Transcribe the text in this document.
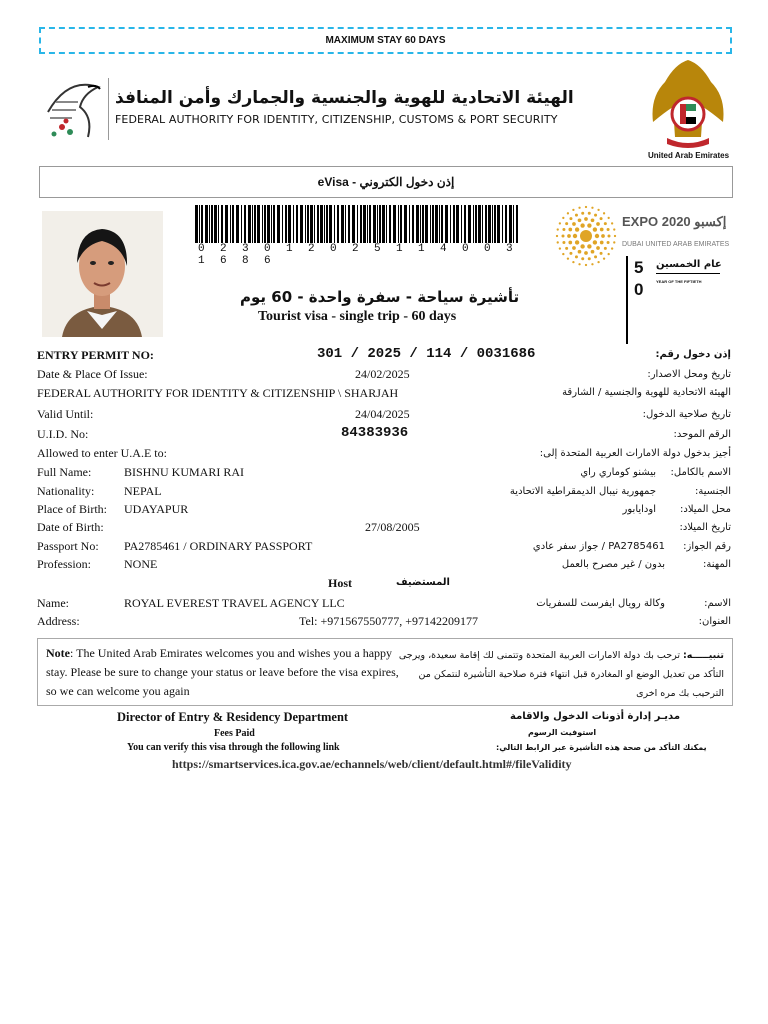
MAXIMUM STAY 60 DAYS
الهيئة الاتحادية للهوية والجنسية والجمارك وأمن المنافذ
FEDERAL AUTHORITY FOR IDENTITY, CITIZENSHIP, CUSTOMS & PORT SECURITY
United Arab Emirates
eVisa - إذن دخول الكتروني
0 2 3 0 1 2 0 2 5 1 1 4 0 0 3 1 6 8 6
تأشيرة سياحة - سفرة واحدة - 60 يوم
Tourist visa - single trip - 60 days
EXPO 2020 إكسبو
DUBAI UNITED ARAB EMIRATES
5
0
عام الخمسين
YEAR OF THE FIFTIETH
ENTRY PERMIT NO:	301 / 2025 / 114 / 0031686	إذن دخول رقم:
Date & Place Of Issue:	24/02/2025	تاريخ ومحل الاصدار:
FEDERAL AUTHORITY FOR IDENTITY & CITIZENSHIP \ SHARJAH	الهيئة الاتحادية للهوية والجنسية / الشارقة
Valid Until:	24/04/2025	تاريخ صلاحية الدخول:
U.I.D. No:	84383936	الرقم الموحد:
Allowed to enter U.A.E to:	أجيز بدخول دولة الامارات العربية المتحدة إلى:
Full Name:	BISHNU KUMARI RAI	بيشنو كوماري راي الاسم بالكامل:
Nationality: NEPAL	جمهورية نيبال الديمقراطية الاتحادية	الجنسية:
Place of Birth: UDAYAPUR	اودايابور محل الميلاد:
Date of Birth:	27/08/2005	تاريخ الميلاد:
Passport No: PA2785461 / ORDINARY PASSPORT	PA2785461 / جواز سفر عادي رقم الجواز:
Profession:	NONE	بدون / غير مصرح بالعمل	المهنة:
Host	المستضيف
Name:	ROYAL EVEREST TRAVEL AGENCY LLC	وكالة رويال ايفرست للسفريات	الاسم:
Address:	Tel: +971567550777, +97142209177	العنوان:
Note: The United Arab Emirates welcomes you and wishes you a happy stay. Please be sure to change your status or leave before the visa expires, so we can welcome you again
تنبيـــــه: ترحب بك دولة الامارات العربية المتحدة وتتمنى لك إقامة سعيدة، ويرجى التأكد من تعديل الوضع او المغادرة قبل انتهاء فترة صلاحية التأشيرة لنتمكن من الترحيب بك مره اخرى
Director of Entry & Residency Department	مديـر إدارة أذونات الدخول والاقامة
Fees Paid	استوفيت الرسوم
You can verify this visa through the following link	يمكنك التأكد من صحة هذه التأشيرة عبر الرابط التالي:
https://smartservices.ica.gov.ae/echannels/web/client/default.html#/fileValidity
